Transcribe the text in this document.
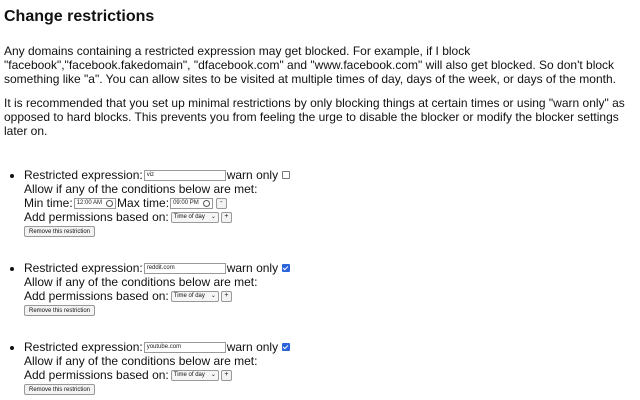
Change restrictions

Any domains containing a restricted expression may get blocked. For example, if I block "facebook","facebook.fakedomain", "dfacebook.com" and "www.facebook.com" will also get blocked. So don't block something like "a". You can allow sites to be visited at multiple times of day, days of the week, or days of the month.

It is recommended that you set up minimal restrictions by only blocking things at certain times or using "warn only" as opposed to hard blocks. This prevents you from feeling the urge to disable the blocker or modify the blocker settings later on.

• Restricted expression: viz	warn only
Allow if any of the conditions below are met:
Min time: 12:00 AM Max time: 09:00 PM	-
Add permissions based on: Time of day ⌄	+
Remove this restriction
• Restricted expression: reddit.com	warn only
Allow if any of the conditions below are met:
Add permissions based on: Time of day ⌄	+
Remove this restriction
• Restricted expression: youtube.com	warn only
Allow if any of the conditions below are met:
Add permissions based on: Time of day ⌄	+
Remove this restriction
